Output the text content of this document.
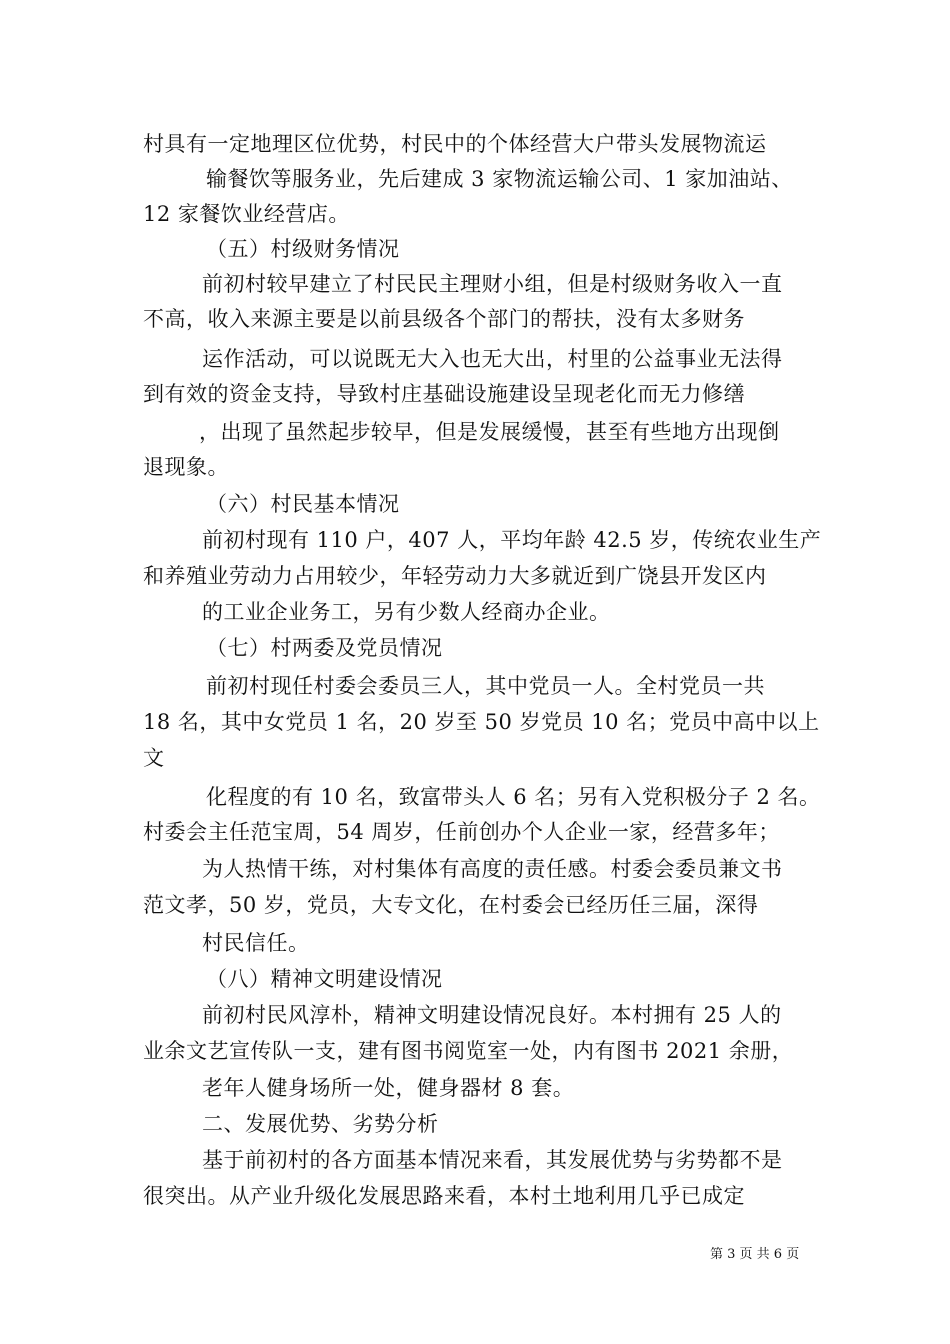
村具有一定地理区位优势，村民中的个体经营大户带头发展物流运
输餐饮等服务业，先后建成 3 家物流运输公司、1 家加油站、
12 家餐饮业经营店。
（五）村级财务情况
前初村较早建立了村民民主理财小组，但是村级财务收入一直
不高，收入来源主要是以前县级各个部门的帮扶，没有太多财务
运作活动，可以说既无大入也无大出，村里的公益事业无法得
到有效的资金支持，导致村庄基础设施建设呈现老化而无力修缮
，出现了虽然起步较早，但是发展缓慢，甚至有些地方出现倒
退现象。
（六）村民基本情况
前初村现有 110 户，407 人，平均年龄 42.5 岁，传统农业生产
和养殖业劳动力占用较少，年轻劳动力大多就近到广饶县开发区内
的工业企业务工，另有少数人经商办企业。
（七）村两委及党员情况
前初村现任村委会委员三人，其中党员一人。全村党员一共
18 名，其中女党员 1 名，20 岁至 50 岁党员 10 名；党员中高中以上
文
化程度的有 10 名，致富带头人 6 名；另有入党积极分子 2 名。
村委会主任范宝周，54 周岁，任前创办个人企业一家，经营多年；
为人热情干练，对村集体有高度的责任感。村委会委员兼文书
范文孝，50 岁，党员，大专文化，在村委会已经历任三届，深得
村民信任。
（八）精神文明建设情况
前初村民风淳朴，精神文明建设情况良好。本村拥有 25 人的
业余文艺宣传队一支，建有图书阅览室一处，内有图书 2021 余册，
老年人健身场所一处，健身器材 8 套。
二、发展优势、劣势分析
基于前初村的各方面基本情况来看，其发展优势与劣势都不是
很突出。从产业升级化发展思路来看，本村土地利用几乎已成定
第 3 页 共 6 页
